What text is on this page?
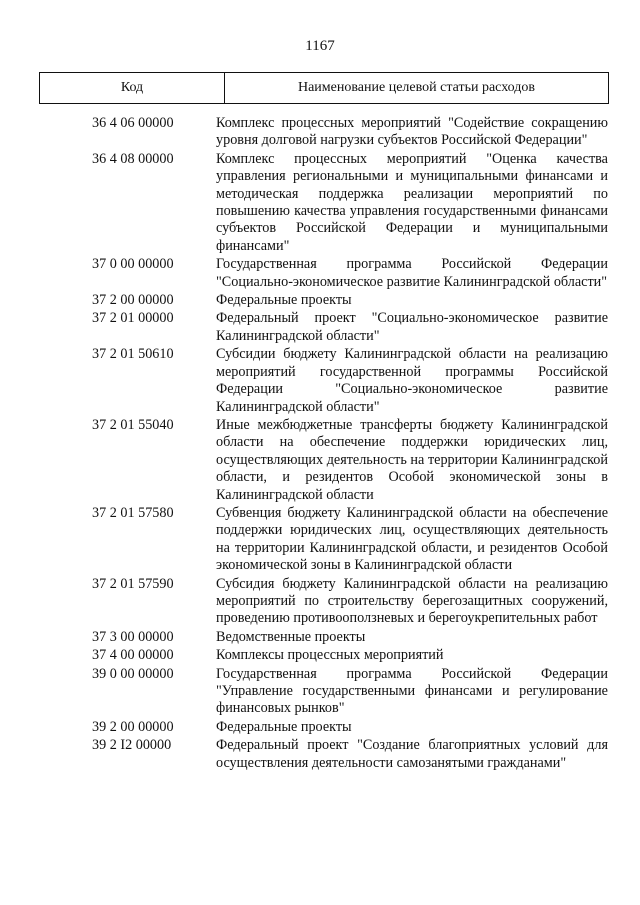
1167
Код	Наименование целевой статьи расходов
36 4 06 00000	Комплекс процессных мероприятий "Содействие сокращению уровня долговой нагрузки субъектов Российской Федерации"
36 4 08 00000	Комплекс процессных мероприятий "Оценка качества управления региональными и муниципальными финансами и методическая поддержка реализации мероприятий по повышению качества управления государственными финансами субъектов Российской Федерации и муниципальными финансами"
37 0 00 00000	Государственная программа Российской Федерации "Социально-экономическое развитие Калининградской области"
37 2 00 00000	Федеральные проекты
37 2 01 00000	Федеральный проект "Социально-экономическое развитие Калининградской области"
37 2 01 50610	Субсидии бюджету Калининградской области на реализацию мероприятий государственной программы Российской Федерации "Социально-экономическое развитие Калининградской области"
37 2 01 55040	Иные межбюджетные трансферты бюджету Калининградской области на обеспечение поддержки юридических лиц, осуществляющих деятельность на территории Калининградской области, и резидентов Особой экономической зоны в Калининградской области
37 2 01 57580	Субвенция бюджету Калининградской области на обеспечение поддержки юридических лиц, осуществляющих деятельность на территории Калининградской области, и резидентов Особой экономической зоны в Калининградской области
37 2 01 57590	Субсидия бюджету Калининградской области на реализацию мероприятий по строительству берегозащитных сооружений, проведению противооползневых и берегоукрепительных работ
37 3 00 00000	Ведомственные проекты
37 4 00 00000	Комплексы процессных мероприятий
39 0 00 00000	Государственная программа Российской Федерации "Управление государственными финансами и регулирование финансовых рынков"
39 2 00 00000	Федеральные проекты
39 2 I2 00000	Федеральный проект "Создание благоприятных условий для осуществления деятельности самозанятыми гражданами"
